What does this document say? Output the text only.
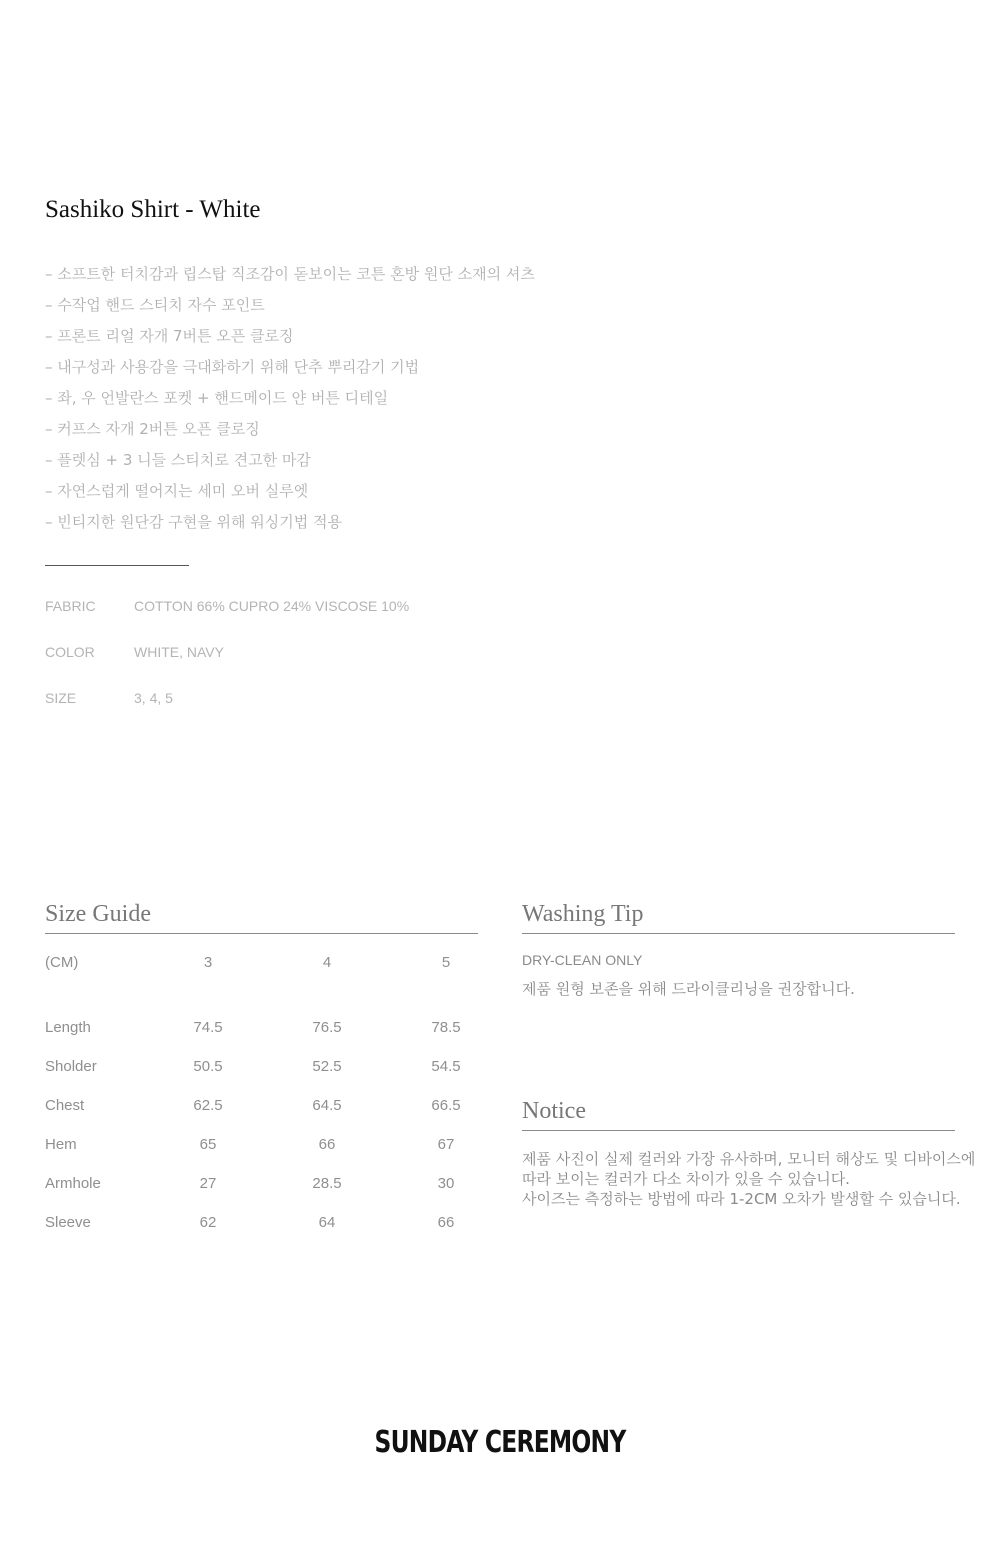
Sashiko Shirt - White
– 소프트한 터치감과 립스탑 직조감이 돋보이는 코튼 혼방 원단 소재의 셔츠
– 수작업 핸드 스티치 자수 포인트
– 프론트 리얼 자개 7버튼 오픈 클로징
– 내구성과 사용감을 극대화하기 위해 단추 뿌리감기 기법
– 좌, 우 언발란스 포켓 + 핸드메이드 얀 버튼 디테일
– 커프스 자개 2버튼 오픈 클로징
– 플렛심 + 3 니들 스티치로 견고한 마감
– 자연스럽게 떨어지는 세미 오버 실루엣
– 빈티지한 원단감 구현을 위해 워싱기법 적용
FABRIC	COTTON 66% CUPRO 24% VISCOSE 10%
COLOR	WHITE, NAVY
SIZE	3, 4, 5
Size Guide
(CM)	3	4	5
Length	74.5	76.5	78.5
Sholder	50.5	52.5	54.5
Chest	62.5	64.5	66.5
Hem	65	66	67
Armhole	27	28.5	30
Sleeve	62	64	66
Washing Tip
DRY-CLEAN ONLY
제품 원형 보존을 위해 드라이클리닝을 권장합니다.
Notice
제품 사진이 실제 컬러와 가장 유사하며, 모니터 해상도 및 디바이스에
따라 보이는 컬러가 다소 차이가 있을 수 있습니다.
사이즈는 측정하는 방법에 따라 1-2CM 오차가 발생할 수 있습니다.
SUNDAY CEREMONY
